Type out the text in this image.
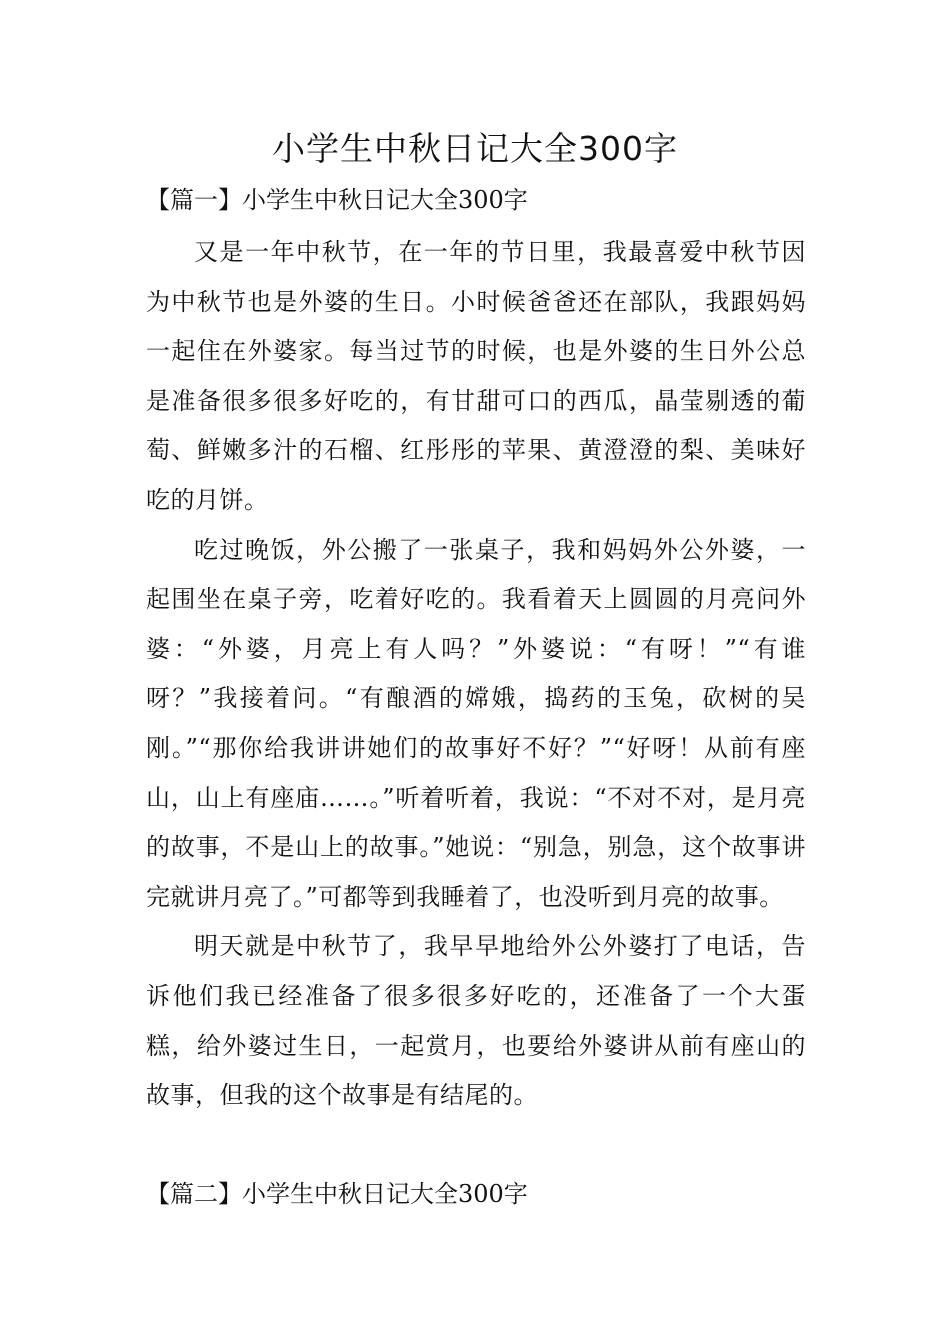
小学生中秋日记大全300字
【篇一】小学生中秋日记大全300字

又是一年中秋节，在一年的节日里，我最喜爱中秋节因为中秋节也是外婆的生日。小时候爸爸还在部队，我跟妈妈一起住在外婆家。每当过节的时候，也是外婆的生日外公总是准备很多很多好吃的，有甘甜可口的西瓜，晶莹剔透的葡萄、鲜嫩多汁的石榴、红彤彤的苹果、黄澄澄的梨、美味好吃的月饼。

吃过晚饭，外公搬了一张桌子，我和妈妈外公外婆，一起围坐在桌子旁，吃着好吃的。我看着天上圆圆的月亮问外婆：“外婆，月亮上有人吗？”外婆说：“有呀！”“有谁呀？”我接着问。“有酿酒的嫦娥，捣药的玉兔，砍树的吴刚。”“那你给我讲讲她们的故事好不好？”“好呀！从前有座山，山上有座庙……。”听着听着，我说：“不对不对，是月亮的故事，不是山上的故事。”她说：“别急，别急，这个故事讲完就讲月亮了。”可都等到我睡着了，也没听到月亮的故事。

明天就是中秋节了，我早早地给外公外婆打了电话，告诉他们我已经准备了很多很多好吃的，还准备了一个大蛋糕，给外婆过生日，一起赏月，也要给外婆讲从前有座山的故事，但我的这个故事是有结尾的。

【篇二】小学生中秋日记大全300字
